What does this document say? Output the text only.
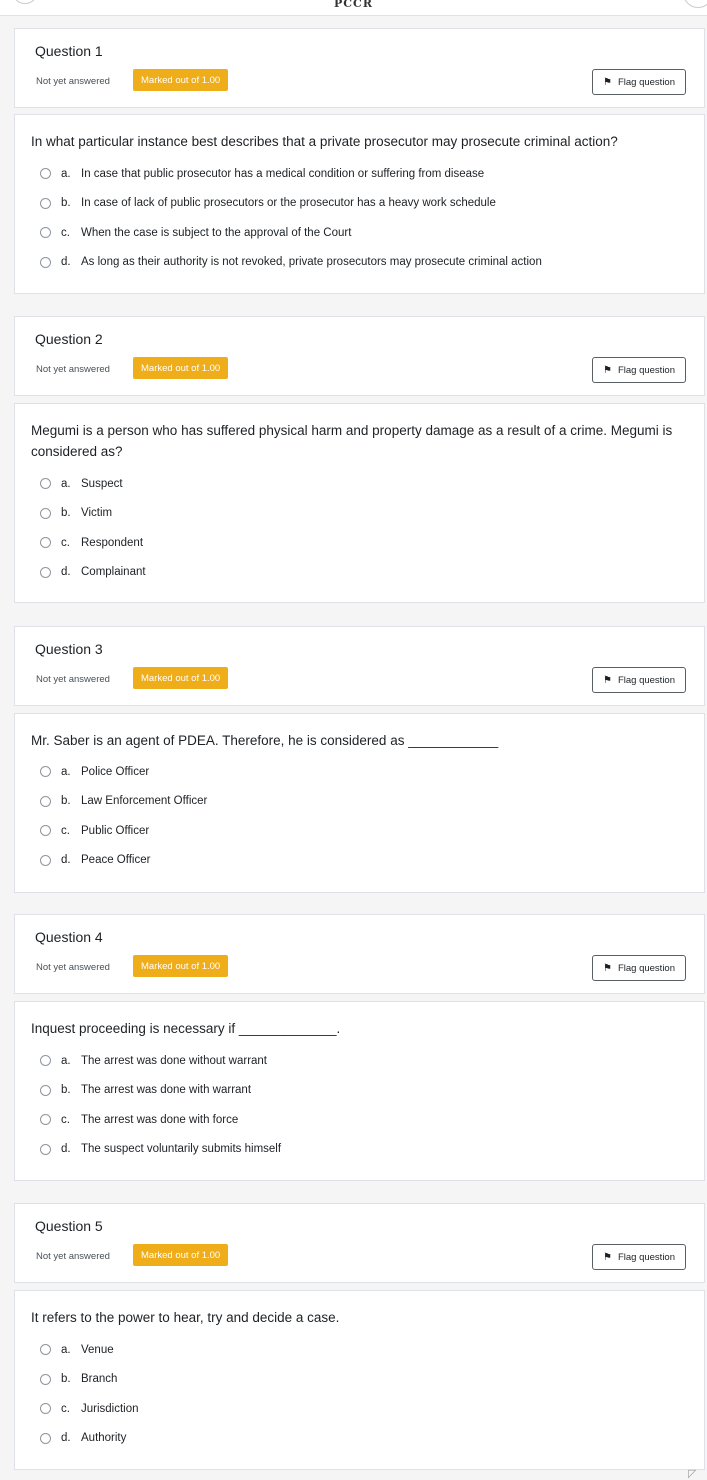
PCCR
Question 1
Not yet answered	Marked out of 1.00	⚑ Flag question
In what particular instance best describes that a private prosecutor may prosecute criminal action?
a. In case that public prosecutor has a medical condition or suffering from disease
b. In case of lack of public prosecutors or the prosecutor has a heavy work schedule
c. When the case is subject to the approval of the Court
d. As long as their authority is not revoked, private prosecutors may prosecute criminal action
Question 2
Not yet answered	Marked out of 1.00	⚑ Flag question
Megumi is a person who has suffered physical harm and property damage as a result of a crime. Megumi is considered as?
a. Suspect
b. Victim
c. Respondent
d. Complainant
Question 3
Not yet answered	Marked out of 1.00	⚑ Flag question
Mr. Saber is an agent of PDEA. Therefore, he is considered as ____________
a. Police Officer
b. Law Enforcement Officer
c. Public Officer
d. Peace Officer
Question 4
Not yet answered	Marked out of 1.00	⚑ Flag question
Inquest proceeding is necessary if _____________.
a. The arrest was done without warrant
b. The arrest was done with warrant
c. The arrest was done with force
d. The suspect voluntarily submits himself
Question 5
Not yet answered	Marked out of 1.00	⚑ Flag question
It refers to the power to hear, try and decide a case.
a. Venue
b. Branch
c. Jurisdiction
d. Authority
◸
